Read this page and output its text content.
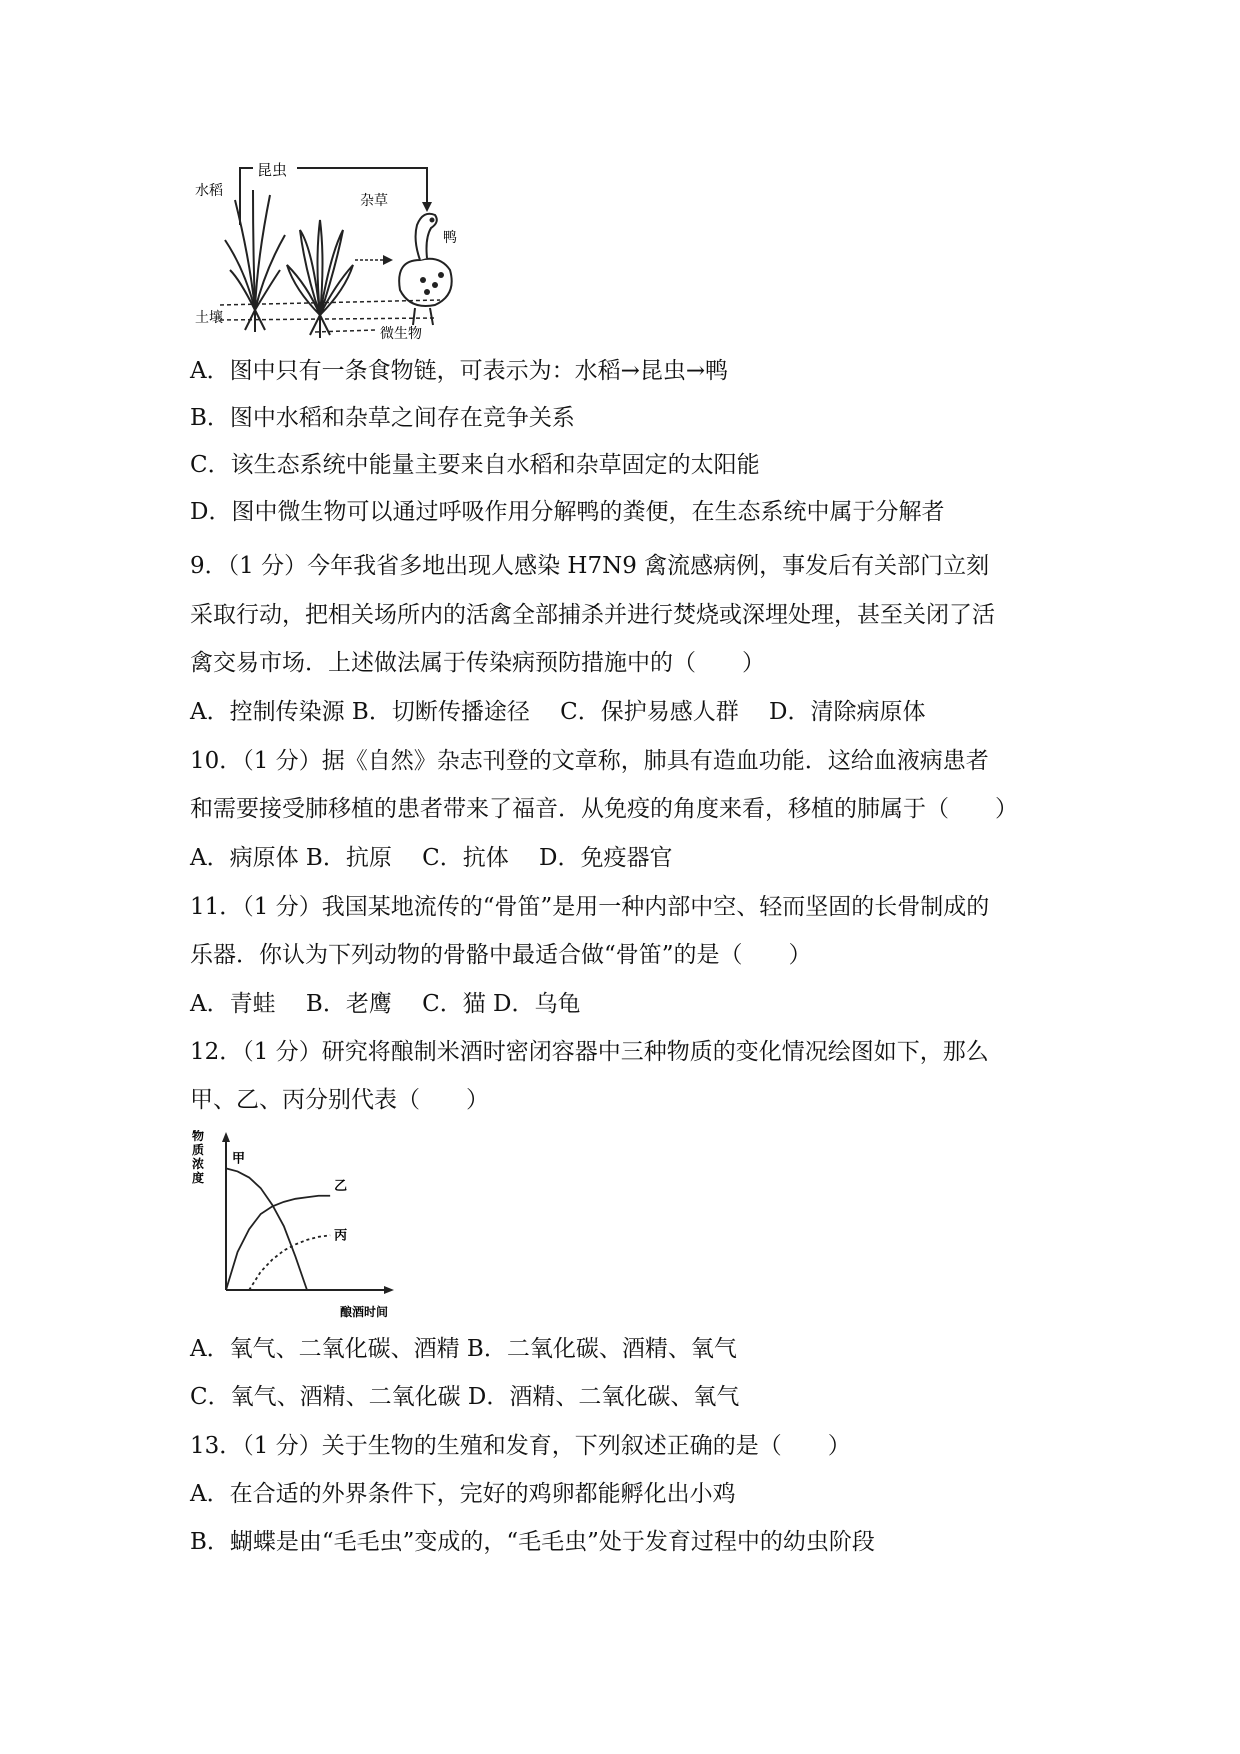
昆虫
水稻
杂草
鸭
土壤
微生物
A．图中只有一条食物链，可表示为：水稻→昆虫→鸭
B．图中水稻和杂草之间存在竞争关系
C．该生态系统中能量主要来自水稻和杂草固定的太阳能
D．图中微生物可以通过呼吸作用分解鸭的粪便，在生态系统中属于分解者
9．（1 分）今年我省多地出现人感染 H7N9 禽流感病例，事发后有关部门立刻
采取行动，把相关场所内的活禽全部捕杀并进行焚烧或深埋处理，甚至关闭了活
禽交易市场．上述做法属于传染病预防措施中的（　　）
A．控制传染源 B．切断传播途径　 C．保护易感人群　 D．清除病原体
10．（1 分）据《自然》杂志刊登的文章称，肺具有造血功能．这给血液病患者
和需要接受肺移植的患者带来了福音．从免疫的角度来看，移植的肺属于（　　）
A．病原体 B．抗原　 C．抗体　 D．免疫器官
11．（1 分）我国某地流传的“骨笛”是用一种内部中空、轻而坚固的长骨制成的
乐器．你认为下列动物的骨骼中最适合做“骨笛”的是（　　）
A．青蛙　 B．老鹰　 C．猫 D．乌龟
12．（1 分）研究将酿制米酒时密闭容器中三种物质的变化情况绘图如下，那么
甲、乙、丙分别代表（　　）
物质浓度
酿酒时间
甲
乙
丙
A．氧气、二氧化碳、酒精 B．二氧化碳、酒精、氧气
C．氧气、酒精、二氧化碳 D．酒精、二氧化碳、氧气
13．（1 分）关于生物的生殖和发育，下列叙述正确的是（　　）
A．在合适的外界条件下，完好的鸡卵都能孵化出小鸡
B．蝴蝶是由“毛毛虫”变成的，“毛毛虫”处于发育过程中的幼虫阶段
